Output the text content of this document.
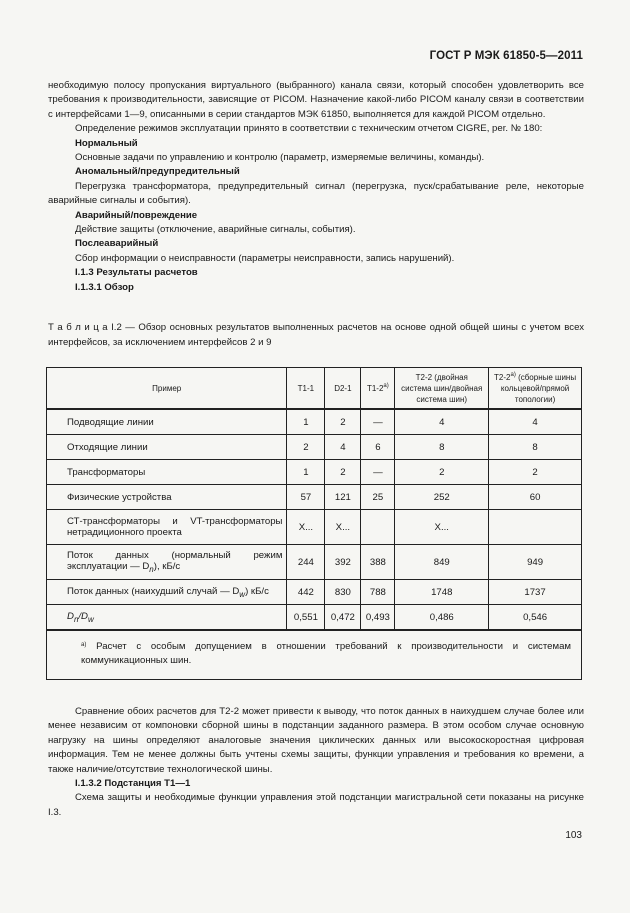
ГОСТ Р МЭК 61850-5—2011

необходимую полосу пропускания виртуального (выбранного) канала связи, который способен удовлетворить все требования к производительности, зависящие от PICOM. Назначение какой-либо PICOM каналу связи в соответствии с интерфейсами 1—9, описанными в серии стандартов МЭК 61850, выполняется для каждой PICOM отдельно.

Определение режимов эксплуатации принято в соответствии с техническим отчетом CIGRE, per. № 180:

Нормальный

Основные задачи по управлению и контролю (параметр, измеряемые величины, команды).

Аномальный/предупредительный

Перегрузка трансформатора, предупредительный сигнал (перегрузка, пуск/срабатывание реле, некоторые аварийные сигналы и события).

Аварийный/повреждение

Действие защиты (отключение, аварийные сигналы, события).

Послеаварийный

Сбор информации о неисправности (параметры неисправности, запись нарушений).

I.1.3 Результаты расчетов

I.1.3.1 Обзор

Т а б л и ц а I.2 — Обзор основных результатов выполненных расчетов на основе одной общей шины с учетом всех интерфейсов, за исключением интерфейсов 2 и 9

Пример	Т1-1	D2-1	$Т1-2^{а)}$	Т2-2 (двойная система шин/двойная система шин)	$Т2-2^{а)}$ (сборные шины кольцевой/прямой топологии)
Подводящие линии	1	2	—	4	4
Отходящие линии	2	4	6	8	8
Трансформаторы	1	2	—	2	2
Физические устройства	57	121	25	252	60
СТ-трансформаторы и VT-трансформаторы нетрадиционного проекта	X...	X...		X...	
Поток данных (нормальный режим эксплуатации — $D_n$), кБ/с	244	392	388	849	949
Поток данных (наихудший случай — $D_w$) кБ/с	442	830	788	1748	1737
$D_n/D_w$	0,551	0,472	0,493	0,486	0,546
$^{а)}$ Расчет с особым допущением в отношении требований к производительности и системам коммуникационных шин.					

Сравнение обоих расчетов для Т2-2 может привести к выводу, что поток данных в наихудшем случае более или менее независим от компоновки сборной шины в подстанции заданного размера. В этом особом случае основную нагрузку на шины определяют аналоговые значения циклических данных или высокоскоростная цифровая информация. Тем не менее должны быть учтены схемы защиты, функции управления и требования ко времени, а также наличие/отсутствие технологической шины.

I.1.3.2 Подстанция Т1—1

Схема защиты и необходимые функции управления этой подстанции магистральной сети показаны на рисунке I.3.

103
